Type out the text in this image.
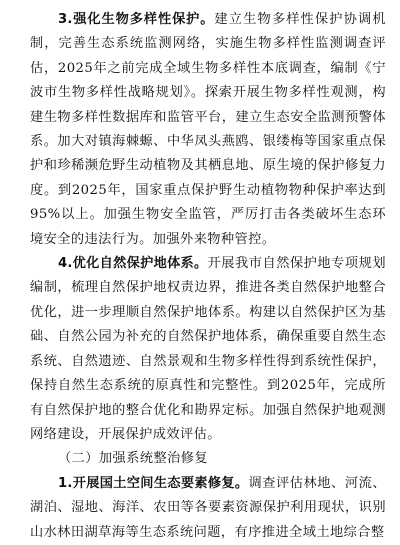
3.强化生物多样性保护。建立生物多样性保护协调机制，完善生态系统监测网络，实施生物多样性监测调查评估，2025年之前完成全域生物多样性本底调查，编制《宁波市生物多样性战略规划》。探索开展生物多样性观测，构建生物多样性数据库和监管平台，建立生态安全监测预警体系。加大对镇海棘螈、中华凤头燕鸥、银缕梅等国家重点保护和珍稀濒危野生动植物及其栖息地、原生境的保护修复力度。到2025年，国家重点保护野生动植物物种保护率达到95%以上。加强生物安全监管，严厉打击各类破坏生态环境安全的违法行为。加强外来物种管控。

4.优化自然保护地体系。开展我市自然保护地专项规划编制，梳理自然保护地权责边界，推进各类自然保护地整合优化，进一步理顺自然保护地体系。构建以自然保护区为基础、自然公园为补充的自然保护地体系，确保重要自然生态系统、自然遗迹、自然景观和生物多样性得到系统性保护，保持自然生态系统的原真性和完整性。到2025年，完成所有自然保护地的整合优化和勘界定标。加强自然保护地观测网络建设，开展保护成效评估。

（二）加强系统整治修复

1.开展国土空间生态要素修复。调查评估林地、河流、湖泊、湿地、海洋、农田等各要素资源保护利用现状，识别山水林田湖草海等生态系统问题，有序推进全域土地综合整
